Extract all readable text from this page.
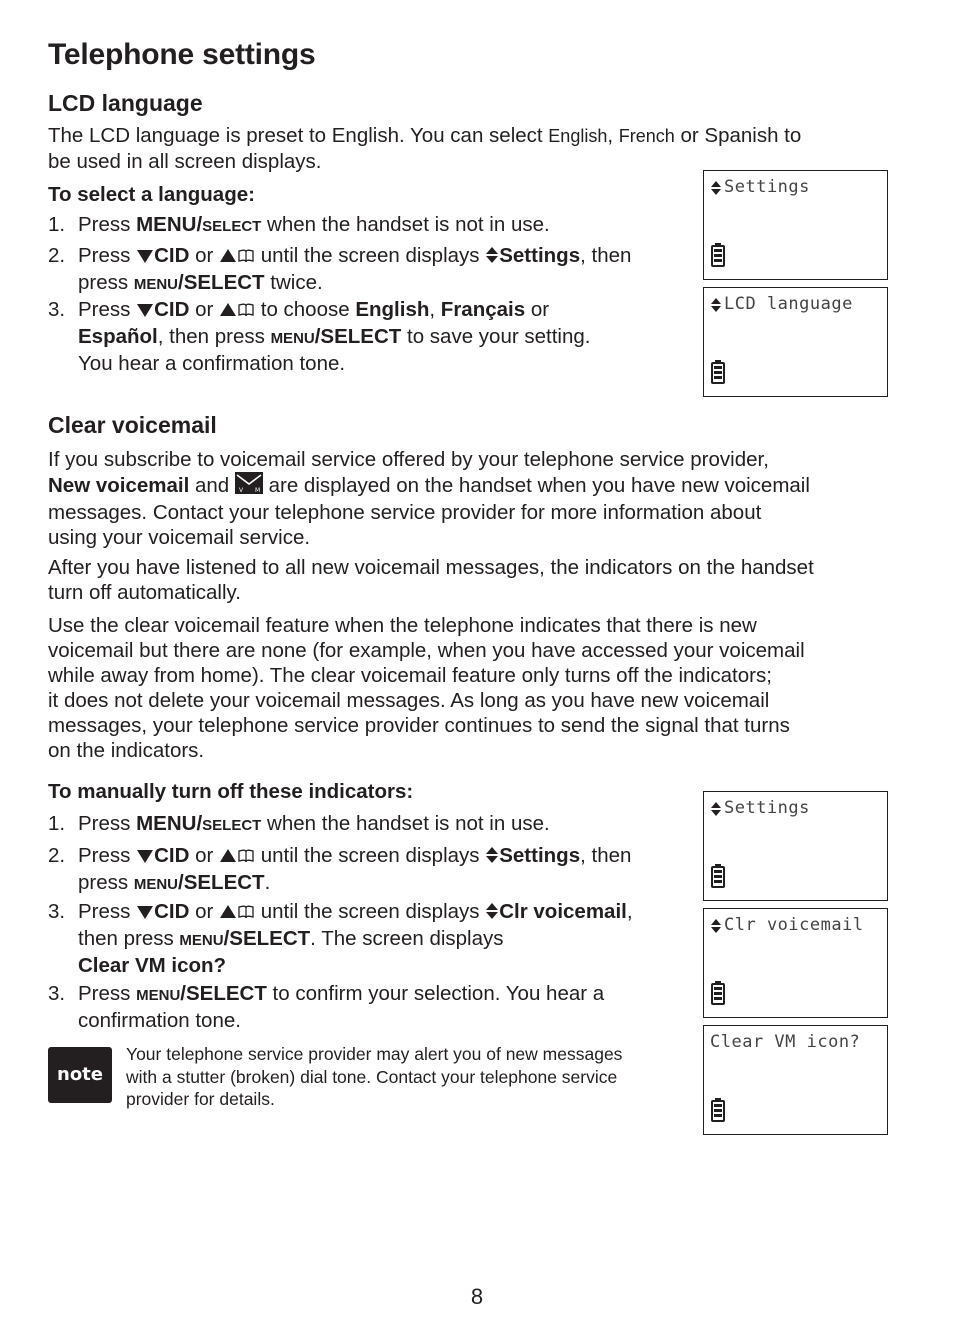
Telephone settings
LCD language
The LCD language is preset to English. You can select English, French or Spanish to
be used in all screen displays.
To select a language:
1. Press MENU/SELECT when the handset is not in use.
2. Press CID or  until the screen displays Settings, then
press MENU/SELECT twice.
3. Press CID or  to choose English, Français or
Español, then press MENU/SELECT to save your setting.
You hear a confirmation tone.
Settings
LCD language
Clear voicemail
If you subscribe to voicemail service offered by your telephone service provider,
New voicemail and V M are displayed on the handset when you have new voicemail
messages. Contact your telephone service provider for more information about
using your voicemail service.
After you have listened to all new voicemail messages, the indicators on the handset
turn off automatically.
Use the clear voicemail feature when the telephone indicates that there is new
voicemail but there are none (for example, when you have accessed your voicemail
while away from home). The clear voicemail feature only turns off the indicators;
it does not delete your voicemail messages. As long as you have new voicemail
messages, your telephone service provider continues to send the signal that turns
on the indicators.
To manually turn off these indicators:
1. Press MENU/SELECT when the handset is not in use.
2. Press CID or  until the screen displays Settings, then
press MENU/SELECT.
3. Press CID or  until the screen displays Clr voicemail,
then press MENU/SELECT. The screen displays
Clear VM icon?
3. Press MENU/SELECT to confirm your selection. You hear a
confirmation tone.
Settings
Clr voicemail
Clear VM icon?
note

Your telephone service provider may alert you of new messages with a stutter (broken) dial tone. Contact your telephone service provider for details.

8
